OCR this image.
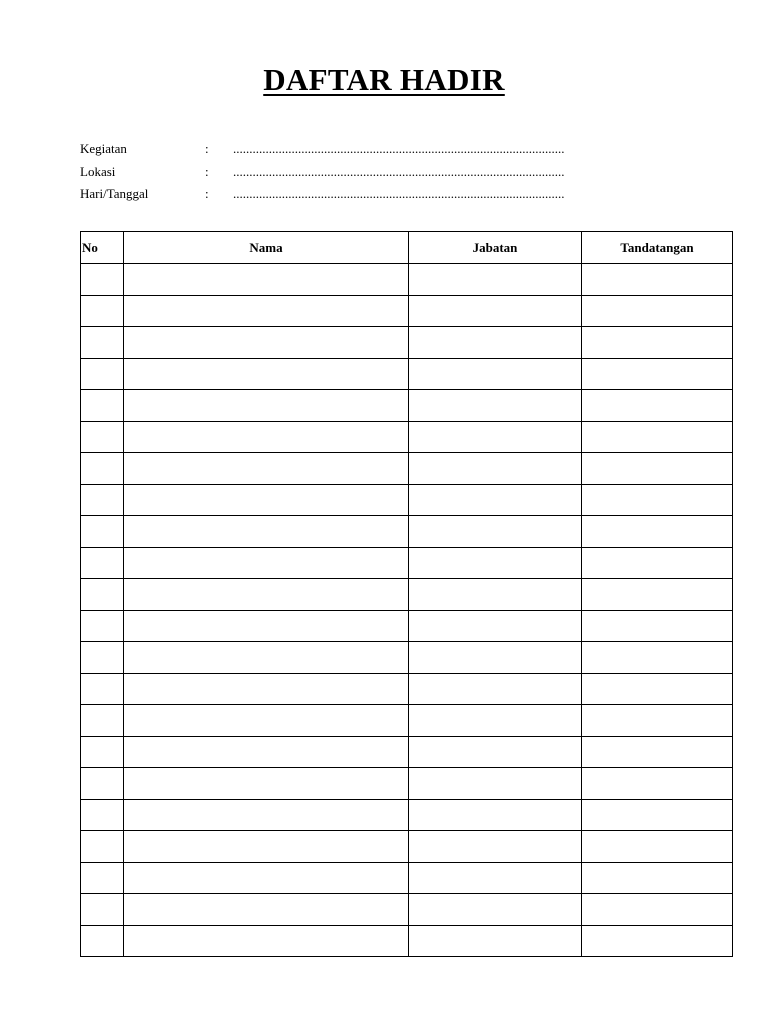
DAFTAR HADIR
Kegiatan	: ......................................................................................................
Lokasi	: ......................................................................................................
Hari/Tanggal	: ......................................................................................................
No	Nama	Jabatan	Tandatangan
